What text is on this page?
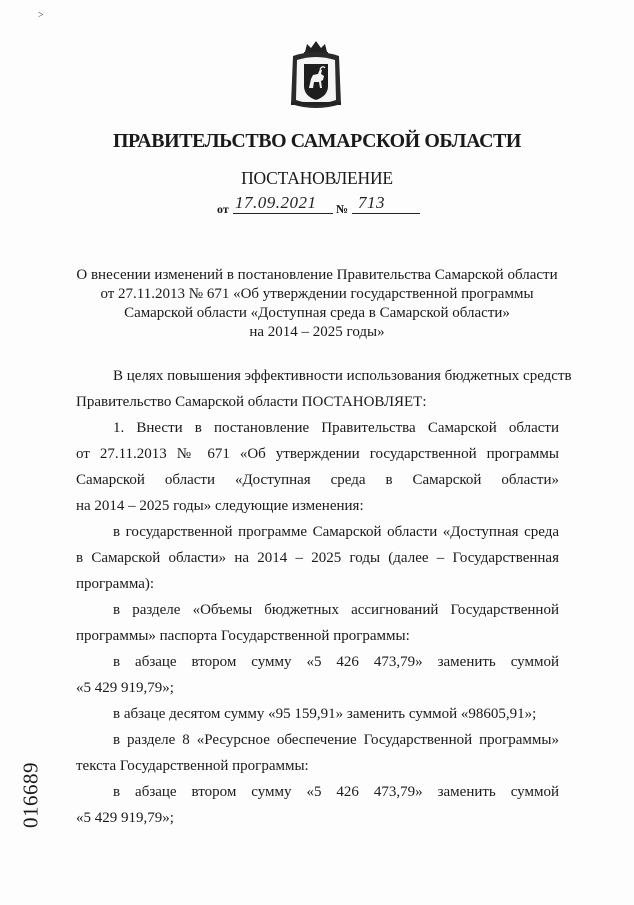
˃
ПРАВИТЕЛЬСТВО САМАРСКОЙ ОБЛАСТИ
ПОСТАНОВЛЕНИЕ
от 17.09.2021 № 713
О внесении изменений в постановление Правительства Самарской области
от 27.11.2013 № 671 «Об утверждении государственной программы
Самарской области «Доступная среда в Самарской области»
на 2014 – 2025 годы»
В целях повышения эффективности использования бюджетных средств
Правительство Самарской области ПОСТАНОВЛЯЕТ:
1. Внести в постановление Правительства Самарской области
от 27.11.2013 № 671 «Об утверждении государственной программы
Самарской области «Доступная среда в Самарской области»
на 2014 – 2025 годы» следующие изменения:
в государственной программе Самарской области «Доступная среда
в Самарской области» на 2014 – 2025 годы (далее – Государственная
программа):
в разделе «Объемы бюджетных ассигнований Государственной
программы» паспорта Государственной программы:
в абзаце втором сумму «5 426 473,79» заменить суммой
«5 429 919,79»;
в абзаце десятом сумму «95 159,91» заменить суммой «98605,91»;
в разделе 8 «Ресурсное обеспечение Государственной программы»
текста Государственной программы:
в абзаце втором сумму «5 426 473,79» заменить суммой
«5 429 919,79»;
016689
